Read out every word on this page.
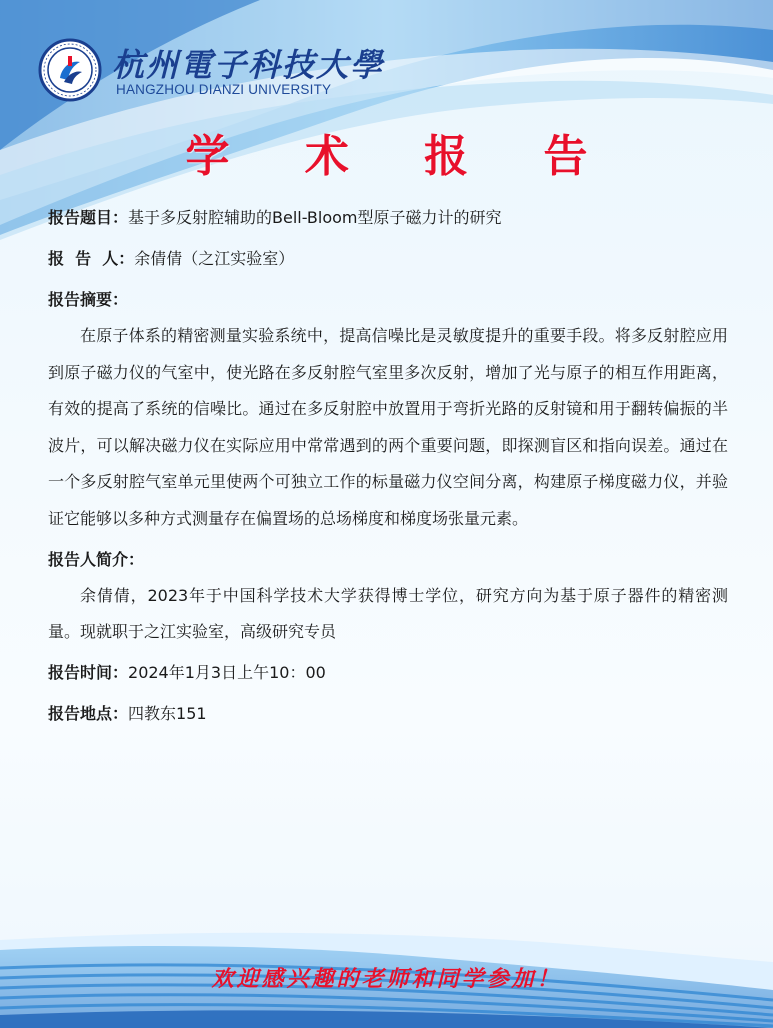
杭州電子科技大學
HANGZHOU DIANZI UNIVERSITY
学 术 报 告

报告题目：基于多反射腔辅助的Bell-Bloom型原子磁力计的研究

报  告  人：余倩倩（之江实验室）

报告摘要：

在原子体系的精密测量实验系统中，提高信噪比是灵敏度提升的重要手段。将多反射腔应用到原子磁力仪的气室中，使光路在多反射腔气室里多次反射，增加了光与原子的相互作用距离，有效的提高了系统的信噪比。通过在多反射腔中放置用于弯折光路的反射镜和用于翻转偏振的半波片，可以解决磁力仪在实际应用中常常遇到的两个重要问题，即探测盲区和指向误差。通过在一个多反射腔气室单元里使两个可独立工作的标量磁力仪空间分离，构建原子梯度磁力仪，并验证它能够以多种方式测量存在偏置场的总场梯度和梯度场张量元素。

报告人简介：

余倩倩，2023年于中国科学技术大学获得博士学位，研究方向为基于原子器件的精密测量。现就职于之江实验室，高级研究专员

报告时间：2024年1月3日上午10：00

报告地点：四教东151

欢迎感兴趣的老师和同学参加！
